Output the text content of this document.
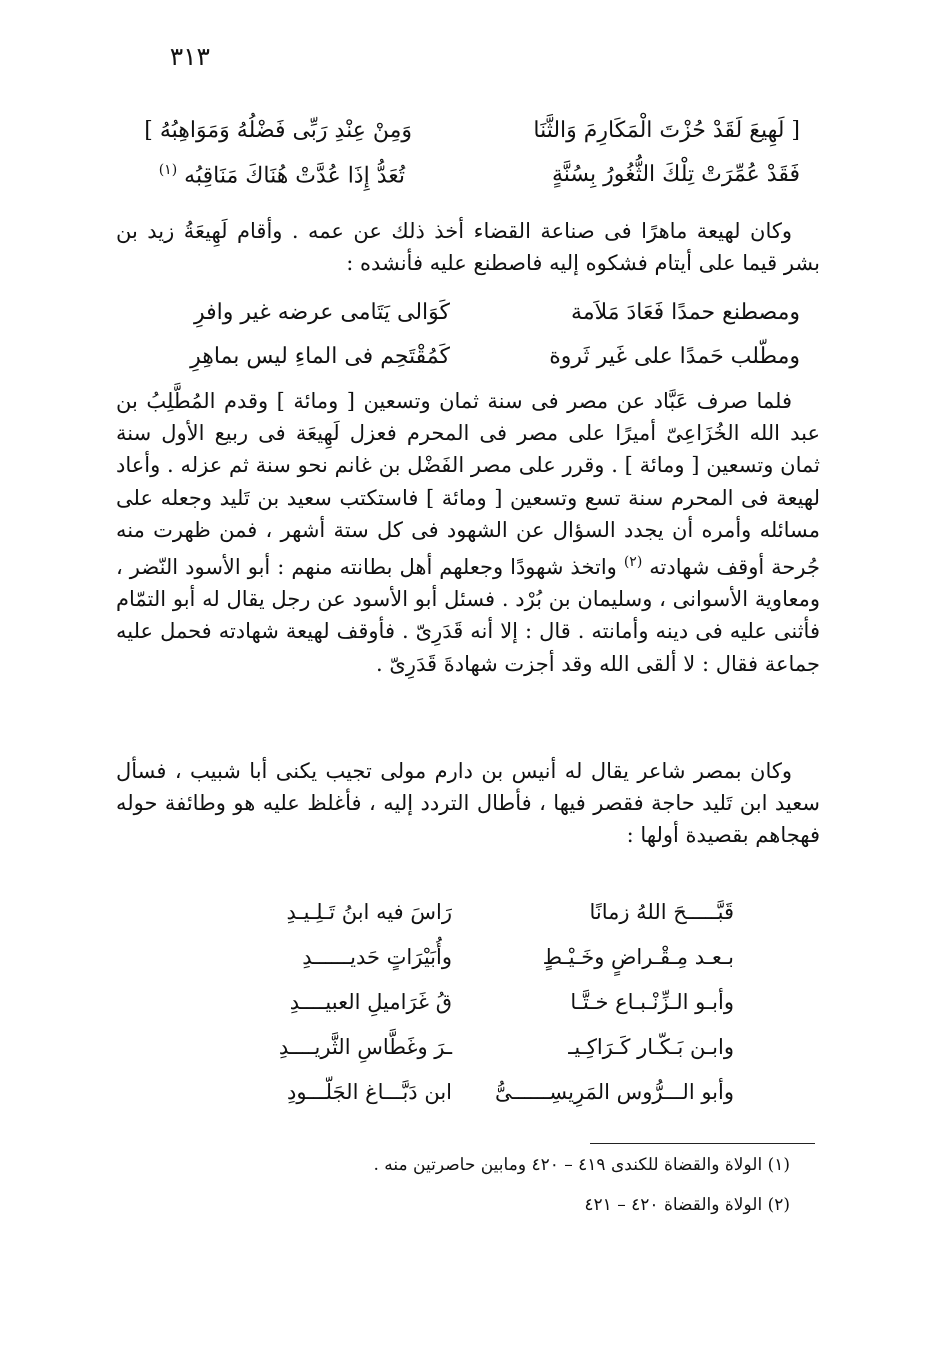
٣١٣
[ لَهِيعَ لَقَدْ حُزْتَ الْمَكَارِمَ وَالثَّنَا
وَمِنْ عِنْدِ رَبِّى فَضْلُهُ وَمَوَاهِبُهُ ]
فَقَدْ عُمِّرَتْ تِلْكَ الثُّغُورُ بِسُنَّةٍ
تُعَدُّ إِذَا عُدَّتْ هُنَاكَ مَنَاقِبُه $^{(١)}$

وكان لهيعة ماهرًا فى صناعة القضاء أخذ ذلك عن عمه . وأقام لَهِيعَةُ زيد بن بشر قيما على أيتام فشكوه إليه فاصطنع عليه فأنشده :

ومصطنع حمدًا فَعَادَ مَلاَمة
كَوَالى يَتَامى عرضه غير وافرِ
ومطّلب حَمدًا على غَير ثَروة
كَمُقْتَحِم فى الماءِ ليس بماهِرِ

فلما صرف عَبَّاد عن مصر فى سنة ثمان وتسعين [ ومائة ] وقدم المُطَّلِبُ بن عبد الله الخُزَاعِىّ أميرًا على مصر فى المحرم فعزل لَهِيعَة فى ربيع الأول سنة ثمان وتسعين [ ومائة ] . وقرر على مصر الفَضْل بن غانم نحو سنة ثم عزله . وأعاد لهيعة فى المحرم سنة تسع وتسعين [ ومائة ] فاستكتب سعيد بن تَليد وجعله على مسائله وأمره أن يجدد السؤال عن الشهود فى كل ستة أشهر ، فمن ظهرت منه جُرحة أوقف شهادته $^{(٢)}$ واتخذ شهودًا وجعلهم أهل بطانته منهم : أبو الأسود النّضر ، ومعاوية الأسوانى ، وسليمان بن بُرْد . فسئل أبو الأسود عن رجل يقال له أبو التمّام فأثنى عليه فى دينه وأمانته . قال : إلا أنه قَدَرِىّ . فأوقف لهيعة شهادته فحمل عليه جماعة فقال : لا ألقى الله وقد أجزت شهادةَ قَدَرِىّ .

وكان بمصر شاعر يقال له أنيس بن دارم مولى تجيب يكنى أبا شبيب ، فسأل سعيد ابن تَليد حاجة فقصر فيها ، فأطال التردد إليه ، فأغلظ عليه هو وطائفة حوله فهجاهم بقصيدة أولها :

قَبَّـــــحَ اللهُ زمانًا
رَاسَ فيه ابنُ تَـلِـيـدِ
بـعـد مِـقْـراضٍ وخَـيْـطٍ
وأُبَيْرَاتٍ حَديــــــدِ
وأبـو الـزِّنْـبـاع خـتَّـا
قُ غَرَاميلِ العبيــــدِ
وابـن بَـكّـار كَـرَاكِـيـ
ـرَ وغَطَّاسِ الثَّريــــدِ
وأبو الـــرُّوس المَرِيسِــــــىُّ
ابن دَبَّـــاغ الجَلّـــودِ
(١) الولاة والقضاة للكندى ٤١٩ – ٤٢٠ ومابين حاصرتين منه .
(٢) الولاة والقضاة ٤٢٠ – ٤٢١
